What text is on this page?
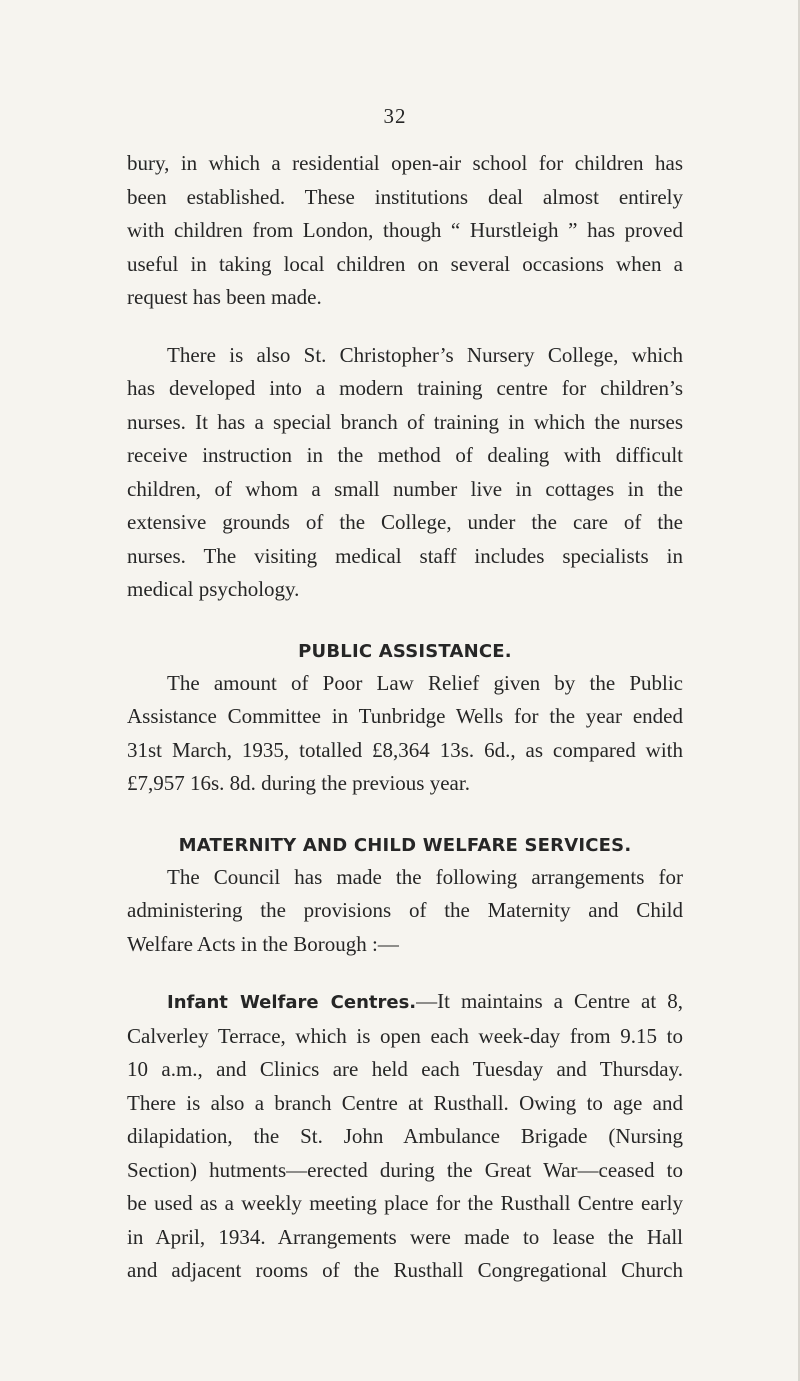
32

bury, in which a residential open-air school for children has
been established. These institutions deal almost entirely
with children from London, though “ Hurstleigh ” has proved
useful in taking local children on several occasions when a
request has been made.

There is also St. Christopher’s Nursery College, which
has developed into a modern training centre for children’s
nurses. It has a special branch of training in which the nurses
receive instruction in the method of dealing with difficult
children, of whom a small number live in cottages in the
extensive grounds of the College, under the care of the
nurses. The visiting medical staff includes specialists in
medical psychology.

PUBLIC ASSISTANCE.

The amount of Poor Law Relief given by the Public
Assistance Committee in Tunbridge Wells for the year ended
31st March, 1935, totalled £8,364 13s. 6d., as compared with
£7,957 16s. 8d. during the previous year.

MATERNITY AND CHILD WELFARE SERVICES.

The Council has made the following arrangements for
administering the provisions of the Maternity and Child
Welfare Acts in the Borough :—

Infant Welfare Centres.—It maintains a Centre at 8,
Calverley Terrace, which is open each week-day from 9.15 to
10 a.m., and Clinics are held each Tuesday and Thursday.
There is also a branch Centre at Rusthall. Owing to age and
dilapidation, the St. John Ambulance Brigade (Nursing
Section) hutments—erected during the Great War—ceased to
be used as a weekly meeting place for the Rusthall Centre early
in April, 1934. Arrangements were made to lease the Hall
and adjacent rooms of the Rusthall Congregational Church
